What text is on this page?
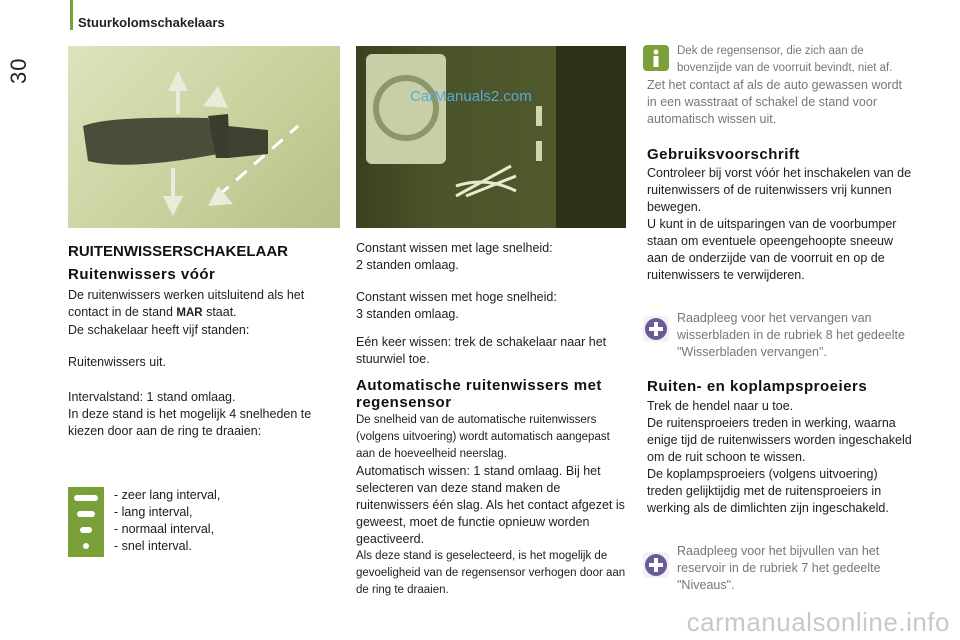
30
Stuurkolomschakelaars
CarManuals2.com
RUITENWISSERSCHAKELAAR
Ruitenwissers vóór

De ruitenwissers werken uitsluitend als het

contact in de stand MAR staat.

De schakelaar heeft vijf standen:

Ruitenwissers uit.

Intervalstand: 1 stand omlaag.

In deze stand is het mogelijk 4 snelheden te kiezen door aan de ring te draaien:

- zeer lang interval,
- lang interval,
- normaal interval,
- snel interval.

Constant wissen met lage snelheid:

2 standen omlaag.

Constant wissen met hoge snelheid:

3 standen omlaag.

Eén keer wissen: trek de schakelaar naar het stuurwiel toe.
Automatische ruitenwissers met regensensor

De snelheid van de automatische ruitenwissers (volgens uitvoering) wordt automatisch aangepast aan de hoeveelheid neerslag.

Automatisch wissen: 1 stand omlaag. Bij het selecteren van deze stand maken de ruitenwissers één slag. Als het contact afgezet is geweest, moet de functie opnieuw worden geactiveerd.

Als deze stand is geselecteerd, is het mogelijk de gevoeligheid van de regensensor verhogen door aan de ring te draaien.

Dek de regensensor, die zich aan de bovenzijde van de voorruit bevindt, niet af.
Zet het contact af als de auto gewassen wordt in een wasstraat of schakel de stand voor automatisch wissen uit.
Gebruiksvoorschrift
Controleer bij vorst vóór het inschakelen van de ruitenwissers of de ruitenwissers vrij kunnen bewegen.
U kunt in de uitsparingen van de voorbumper staan om eventuele opeengehoopte sneeuw aan de onderzijde van de voorruit en op de ruitenwissers te verwijderen.
Raadpleeg voor het vervangen van wisserbladen in de rubriek 8 het gedeelte "Wisserbladen vervangen".
Ruiten- en koplampsproeiers
Trek de hendel naar u toe.
De ruitensproeiers treden in werking, waarna enige tijd de ruitenwissers worden ingeschakeld om de ruit schoon te wissen.
De koplampsproeiers (volgens uitvoering) treden gelijktijdig met de ruitensproeiers in werking als de dimlichten zijn ingeschakeld.
Raadpleeg voor het bijvullen van het reservoir in de rubriek 7 het gedeelte "Niveaus".
carmanualsonline.info
